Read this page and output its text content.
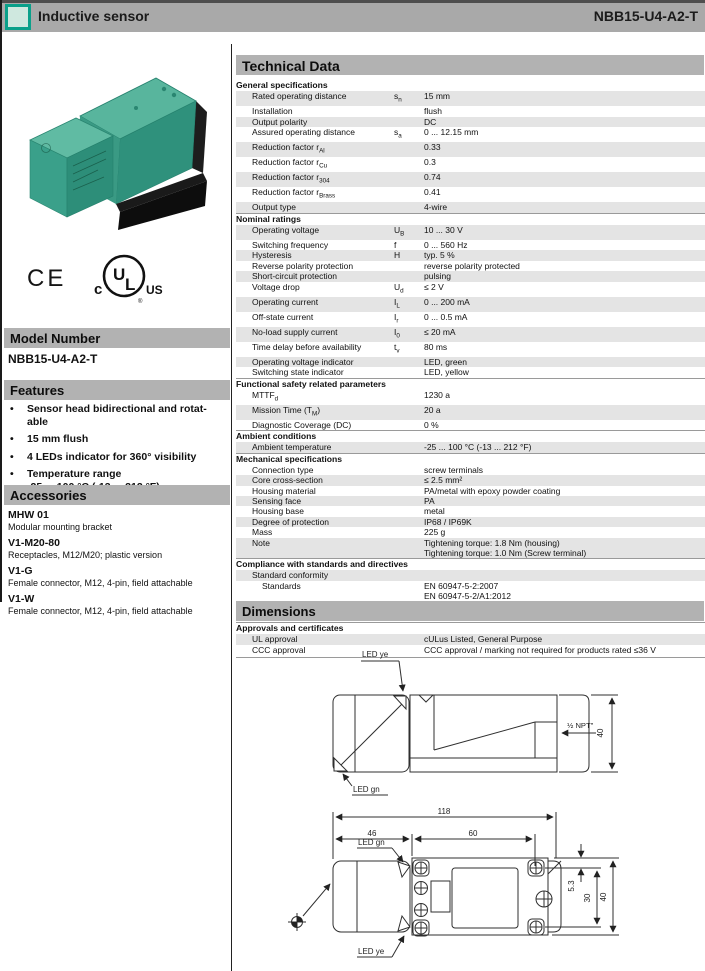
Inductive sensor	NBB15-U4-A2-T
CE	U
L
c	US
®
Model Number
NBB15-U4-A2-T
Features
•	Sensor head bidirectional and rotat-
able
•	15 mm flush
•	4 LEDs indicator for 360° visibility
•	Temperature range

Accessories
MHW 01
Modular mounting bracket
V1-M20-80
Receptacles, M12/M20; plastic version
V1-G
Female connector, M12, 4-pin, field attachable
V1-W
Female connector, M12, 4-pin, field attachable
Technical Data
General specifications
Rated operating distance	$s_n$	15 mm
Installation	flush
Output polarity	DC
Assured operating distance	$s_a$	0 ... 12.15 mm
Reduction factor $r_{Al}$	0.33
Reduction factor $r_{Cu}$	0.3
Reduction factor $r_{304}$	0.74
Reduction factor $r_{Brass}$	0.41
Output type	4-wire
Nominal ratings
Operating voltage	$U_B$	10 ... 30 V
Switching frequency	f	0 ... 560 Hz
Hysteresis	H	typ. 5 %
Reverse polarity protection	reverse polarity protected
Short-circuit protection	pulsing
Voltage drop	$U_d$	≤ 2 V
Operating current	$I_L$	0 ... 200 mA
Off-state current	$I_r$	0 ... 0.5 mA
No-load supply current	$I_0$	≤ 20 mA
Time delay before availability	$t_v$	80 ms
Operating voltage indicator	LED, green
Switching state indicator	LED, yellow
Functional safety related parameters
$MTTF_d$	1230 a
Mission Time $(T_M)$	20 a
Diagnostic Coverage (DC)	0 %
Ambient conditions
Ambient temperature	-25 ... 100 °C (-13 ... 212 °F)
Mechanical specifications
Connection type	screw terminals
Core cross-section	≤ 2.5 mm²
Housing material	PA/metal with epoxy powder coating
Sensing face	PA
Housing base	metal
Degree of protection	IP68 / IP69K
Mass	225 g
Note	Tightening torque: 1.8 Nm (housing)
Tightening torque: 1.0 Nm (Screw terminal)
Compliance with standards and directives
Standard conformity
Standards	EN 60947-5-2:2007
EN 60947-5-2/A1:2012

Approvals and certificates
UL approval	cULus Listed, General Purpose
CCC approval	CCC approval / marking not required for products rated ≤36 V
Dimensions
LED ye
LED gn
½ NPT"
40
118
46	60
LED gn
LED ye
5.3
30 40
